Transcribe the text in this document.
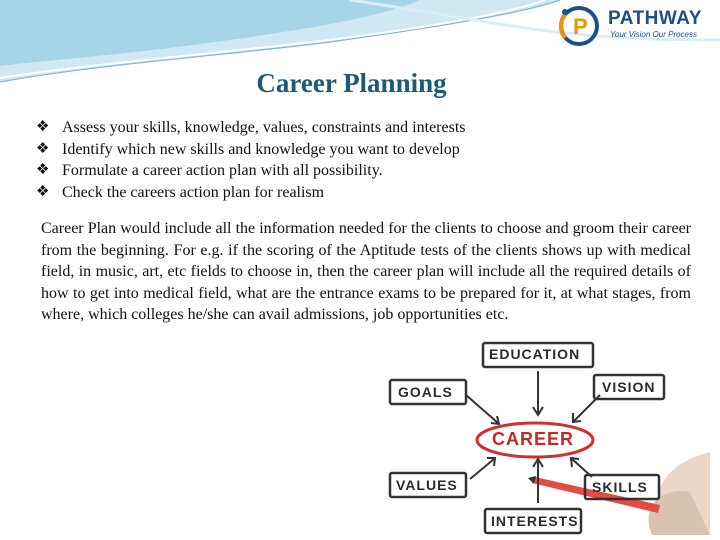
P PATHWAY
Your Vision Our Process
Career Planning
❖ Assess your skills, knowledge, values, constraints and interests
❖ Identify which new skills and knowledge you want to develop
❖ Formulate a career action plan with all possibility.
❖ Check the careers action plan for realism
Career Plan would include all the information needed for the clients to choose and groom their career from the beginning. For e.g. if the scoring of the Aptitude tests of the clients shows up with medical field, in music, art, etc fields to choose in, then the career plan will include all the required details of how to get into medical field, what are the entrance exams to be prepared for it, at what stages, from where, which colleges he/she can avail admissions, job opportunities etc.
EDUCATION
GOALS	VISION
CAREER
VALUES	SKILLS
INTERESTS
